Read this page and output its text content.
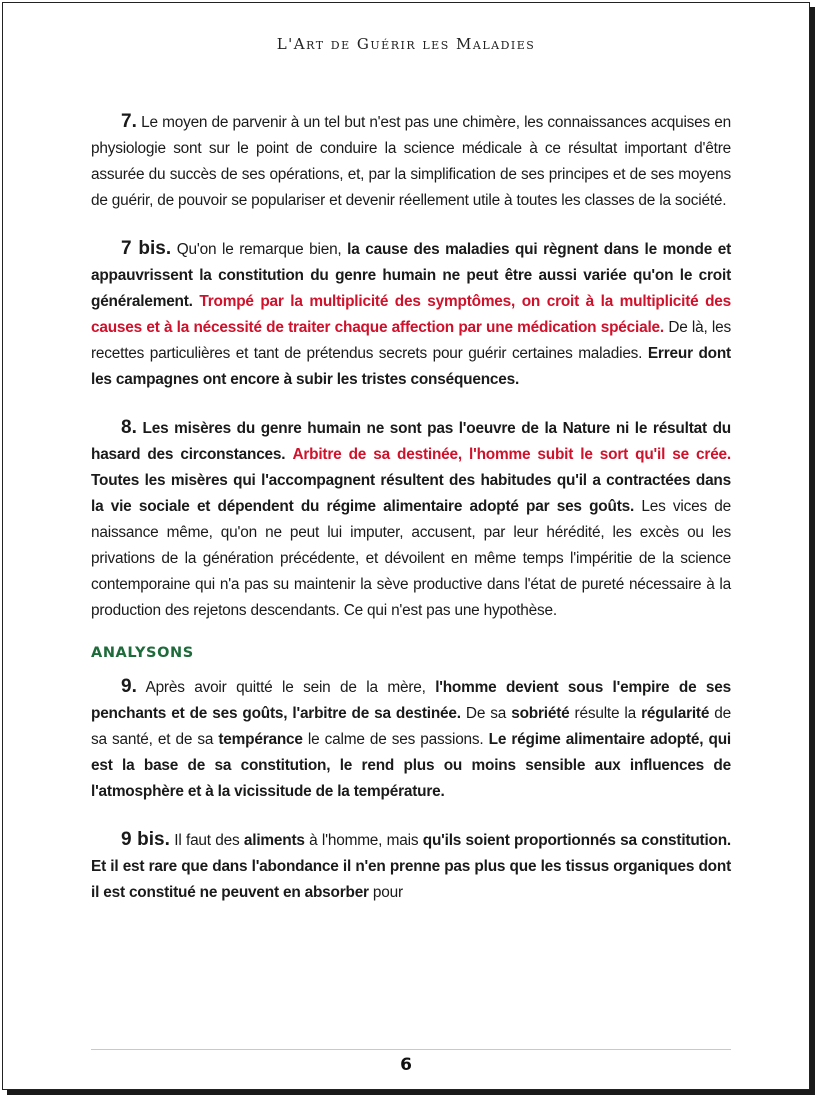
L'Art de Guérir les Maladies

7. Le moyen de parvenir à un tel but n'est pas une chimère, les connaissances acquises en physiologie sont sur le point de conduire la science médicale à ce résultat important d'être assurée du succès de ses opérations, et, par la simplification de ses principes et de ses moyens de guérir, de pouvoir se populariser et devenir réellement utile à toutes les classes de la société.

7 bis. Qu'on le remarque bien, la cause des maladies qui règnent dans le monde et appauvrissent la constitution du genre humain ne peut être aussi variée qu'on le croit généralement. Trompé par la multiplicité des symptômes, on croit à la multiplicité des causes et à la nécessité de traiter chaque affection par une médication spéciale. De là, les recettes particulières et tant de prétendus secrets pour guérir certaines maladies. Erreur dont les campagnes ont encore à subir les tristes conséquences.

8. Les misères du genre humain ne sont pas l'oeuvre de la Nature ni le résultat du hasard des circonstances. Arbitre de sa destinée, l'homme subit le sort qu'il se crée. Toutes les misères qui l'accompagnent résultent des habitudes qu'il a contractées dans la vie sociale et dépendent du régime alimentaire adopté par ses goûts. Les vices de naissance même, qu'on ne peut lui imputer, accusent, par leur hérédité, les excès ou les privations de la génération précédente, et dévoilent en même temps l'impéritie de la science contemporaine qui n'a pas su maintenir la sève productive dans l'état de pureté nécessaire à la production des rejetons descendants. Ce qui n'est pas une hypothèse.

ANALYSONS

9. Après avoir quitté le sein de la mère, l'homme devient sous l'empire de ses penchants et de ses goûts, l'arbitre de sa destinée. De sa sobriété résulte la régularité de sa santé, et de sa tempérance le calme de ses passions. Le régime alimentaire adopté, qui est la base de sa constitution, le rend plus ou moins sensible aux influences de l'atmosphère et à la vicissitude de la température.

9 bis. Il faut des aliments à l'homme, mais qu'ils soient proportionnés sa constitution. Et il est rare que dans l'abondance il n'en prenne pas plus que les tissus organiques dont il est constitué ne peuvent en absorber pour

6
